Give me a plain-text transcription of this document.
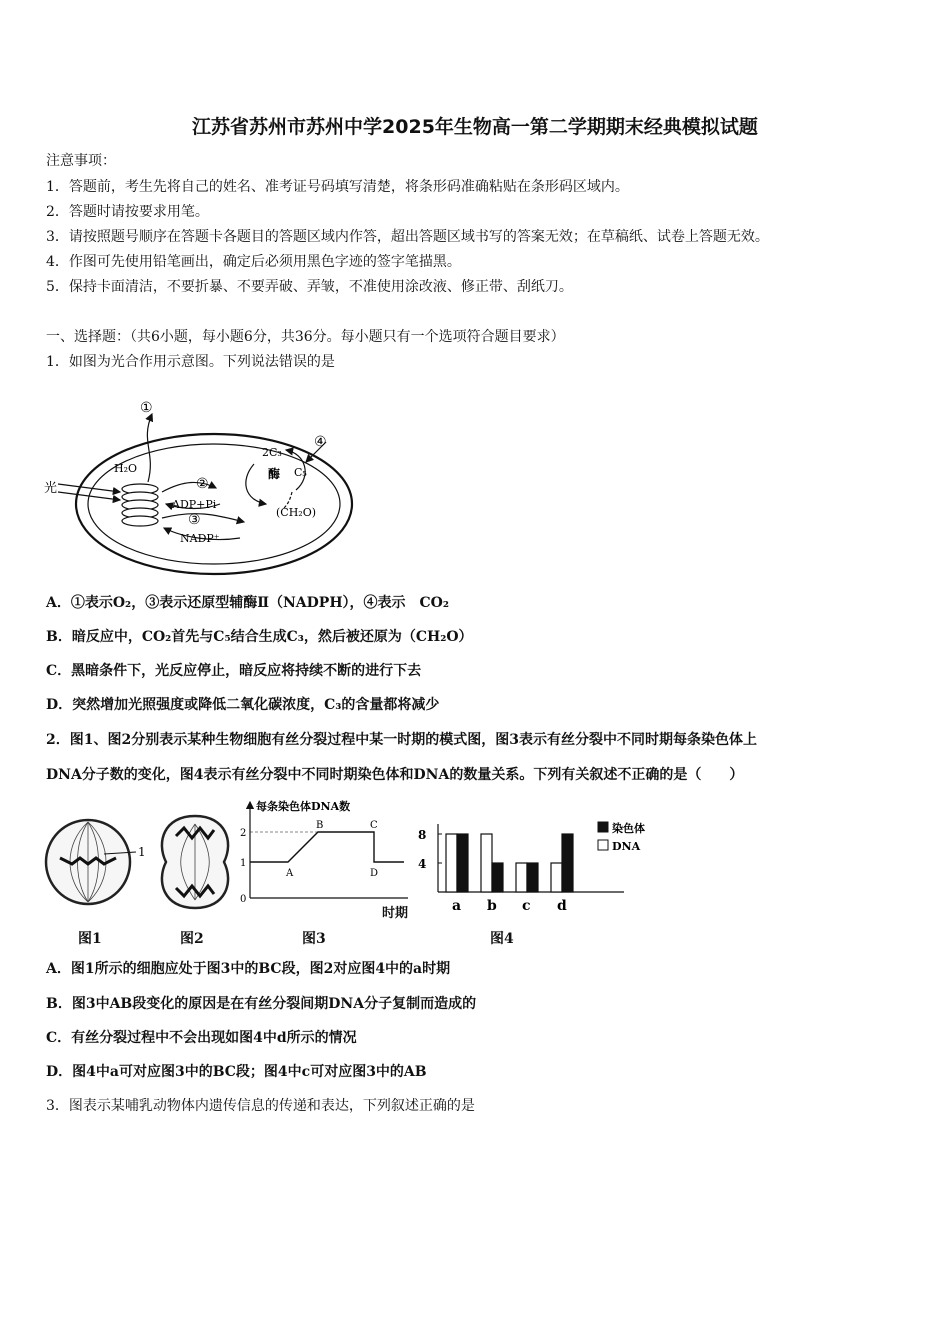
江苏省苏州市苏州中学2025年生物高一第二学期期末经典模拟试题
注意事项：
1．答题前，考生先将自己的姓名、准考证号码填写清楚，将条形码准确粘贴在条形码区域内。
2．答题时请按要求用笔。
3．请按照题号顺序在答题卡各题目的答题区域内作答，超出答题区域书写的答案无效；在草稿纸、试卷上答题无效。
4．作图可先使用铅笔画出，确定后必须用黑色字迹的签字笔描黑。
5．保持卡面清洁，不要折暴、不要弄破、弄皱，不准使用涂改液、修正带、刮纸刀。
一、选择题：（共6小题，每小题6分，共36分。每小题只有一个选项符合题目要求）
1．如图为光合作用示意图。下列说法错误的是
光
H₂O
ADP+Pi
NADP⁺
2C₃
C₅
酶
(CH₂O)
①
②
③
④
A．①表示O₂，③表示还原型辅酶Ⅱ（NADPH），④表示　CO₂
B．暗反应中，CO₂首先与C₅结合生成C₃，然后被还原为（CH₂O）
C．黑暗条件下，光反应停止，暗反应将持续不断的进行下去
D．突然增加光照强度或降低二氧化碳浓度，C₃的含量都将减少
2．图1、图2分别表示某种生物细胞有丝分裂过程中某一时期的模式图，图3表示有丝分裂中不同时期每条染色体上
DNA分子数的变化，图4表示有丝分裂中不同时期染色体和DNA的数量关系。下列有关叙述不正确的是（　　）
1
每条染色体DNA数
2
1
0
A
B	C
D
时期
8
4
a b c d
染色体
DNA
图1	图2	图3	图4
A．图1所示的细胞应处于图3中的BC段，图2对应图4中的a时期
B．图3中AB段变化的原因是在有丝分裂间期DNA分子复制而造成的
C．有丝分裂过程中不会出现如图4中d所示的情况
D．图4中a可对应图3中的BC段；图4中c可对应图3中的AB
3．图表示某哺乳动物体内遗传信息的传递和表达，下列叙述正确的是
